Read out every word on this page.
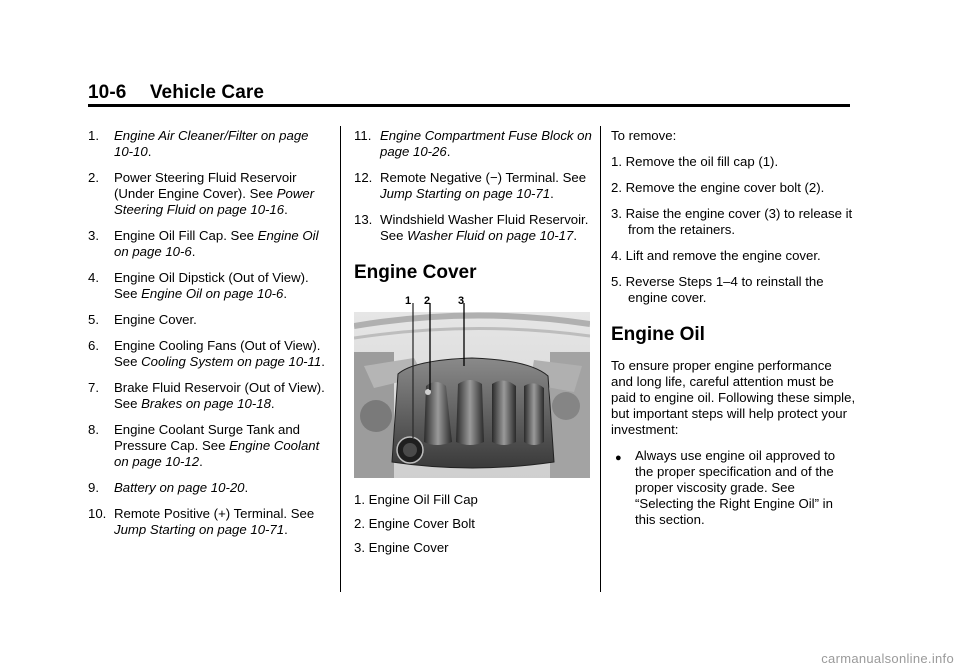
10-6 Vehicle Care
1. Engine Air Cleaner/Filter on page 10-10.
2. Power Steering Fluid Reservoir (Under Engine Cover). See Power Steering Fluid on page 10-16.
3. Engine Oil Fill Cap. See Engine Oil on page 10-6.
4. Engine Oil Dipstick (Out of View). See Engine Oil on page 10-6.
5. Engine Cover.
6. Engine Cooling Fans (Out of View). See Cooling System on page 10-11.
7. Brake Fluid Reservoir (Out of View). See Brakes on page 10-18.
8. Engine Coolant Surge Tank and Pressure Cap. See Engine Coolant on page 10-12.
9. Battery on page 10-20.
10. Remote Positive (+) Terminal. See Jump Starting on page 10-71.
11. Engine Compartment Fuse Block on page 10-26.
12. Remote Negative (−) Terminal. See Jump Starting on page 10-71.
13. Windshield Washer Fluid Reservoir. See Washer Fluid on page 10-17.
Engine Cover
1 2	3
1. Engine Oil Fill Cap
2. Engine Cover Bolt
3. Engine Cover
To remove:
1. Remove the oil fill cap (1).
2. Remove the engine cover bolt (2).
3. Raise the engine cover (3) to release it from the retainers.
4. Lift and remove the engine cover.
5. Reverse Steps 1–4 to reinstall the engine cover.
Engine Oil
To ensure proper engine performance and long life, careful attention must be paid to engine oil. Following these simple, but important steps will help protect your investment:
● Always use engine oil approved to the proper specification and of the proper viscosity grade. See “Selecting the Right Engine Oil” in this section.
carmanualsonline.info
